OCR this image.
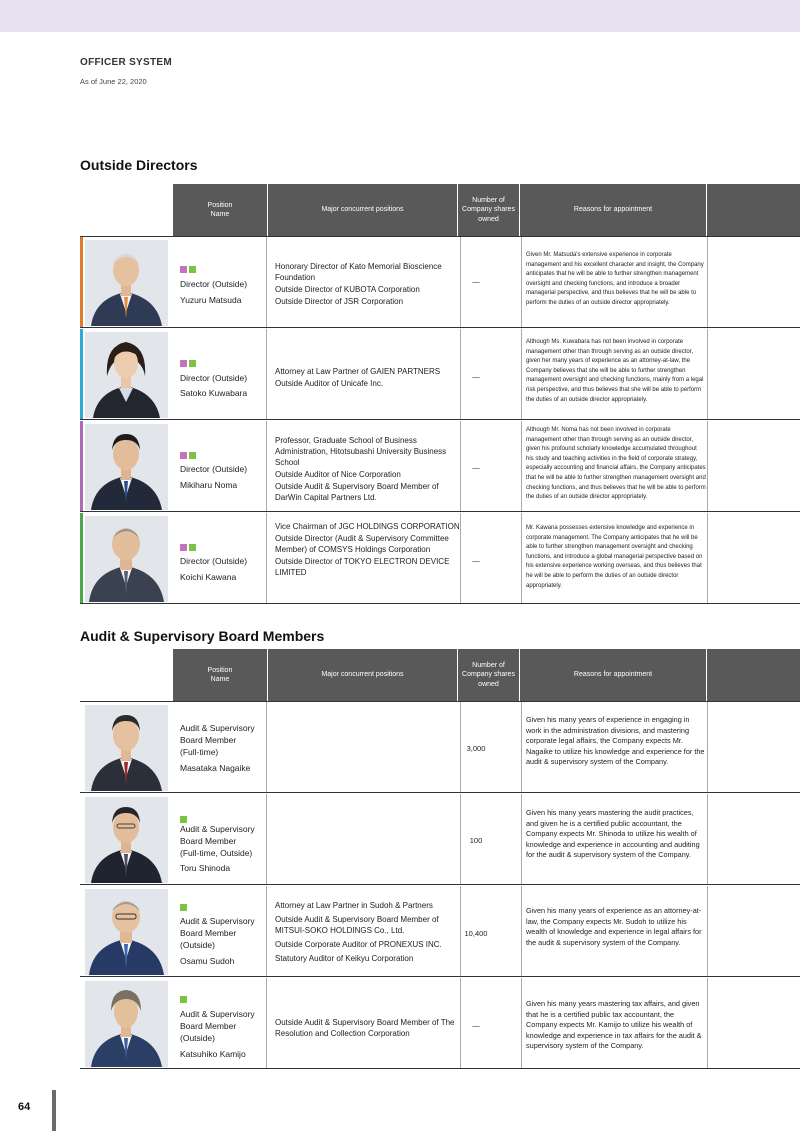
OFFICER SYSTEM
As of June 22, 2020
Outside Directors
Position
Name
Major concurrent positions
Number of Company shares owned
Reasons for appointment
Director (Outside)
Yuzuru Matsuda
Honorary Director of Kato Memorial Bioscience Foundation
Outside Director of KUBOTA Corporation
Outside Director of JSR Corporation
—
Given Mr. Matsuda's extensive experience in corporate management and his excellent character and insight, the Company anticipates that he will be able to further strengthen management oversight and checking functions, and introduce a broader managerial perspective, and thus believes that he will be able to perform the duties of an outside director appropriately.
Director (Outside)
Satoko Kuwabara
Attorney at Law Partner of GAIEN PARTNERS
Outside Auditor of Unicafe Inc.
—
Although Ms. Kuwabara has not been involved in corporate management other than through serving as an outside director, given her many years of experience as an attorney-at-law, the Company believes that she will be able to further strengthen management oversight and checking functions, mainly from a legal risk perspective, and thus believes that she will be able to perform the duties of an outside director appropriately.
Director (Outside)
Mikiharu Noma
Professor, Graduate School of Business Administration, Hitotsubashi University Business School
Outside Auditor of Nice Corporation
Outside Audit & Supervisory Board Member of DarWin Capital Partners Ltd.
—
Although Mr. Noma has not been involved in corporate management other than through serving as an outside director, given his profound scholarly knowledge accumulated throughout his study and teaching activities in the field of corporate strategy, especially accounting and financial affairs, the Company anticipates that he will be able to further strengthen management oversight and checking functions, and thus believes that he will be able to perform the duties of an outside director appropriately.
Director (Outside)
Koichi Kawana
Vice Chairman of JGC HOLDINGS CORPORATION
Outside Director (Audit & Supervisory Committee Member) of COMSYS Holdings Corporation
Outside Director of TOKYO ELECTRON DEVICE LIMITED
—
Mr. Kawana possesses extensive knowledge and experience in corporate management. The Company anticipates that he will be able to further strengthen management oversight and checking functions, and introduce a global managerial perspective based on his extensive experience working overseas, and thus believes that he will be able to perform the duties of an outside director appropriately.
Audit & Supervisory Board Members
Position
Name
Major concurrent positions
Number of Company shares owned
Reasons for appointment
Audit & Supervisory
Board Member
(Full-time)
Masataka Nagaike
3,000
Given his many years of experience in engaging in work in the administration divisions, and mastering corporate legal affairs, the Company expects Mr. Nagaike to utilize his knowledge and experience for the audit & supervisory system of the Company.
Audit & Supervisory
Board Member
(Full-time, Outside)
Toru Shinoda
100
Given his many years mastering the audit practices, and given he is a certified public accountant, the Company expects Mr. Shinoda to utilize his wealth of knowledge and experience in accounting and auditing for the audit & supervisory system of the Company.
Audit & Supervisory
Board Member
(Outside)
Osamu Sudoh
Attorney at Law Partner in Sudoh & Partners
Outside Audit & Supervisory Board Member of MITSUI-SOKO HOLDINGS Co., Ltd.
Outside Corporate Auditor of PRONEXUS INC.
Statutory Auditor of Keikyu Corporation
10,400
Given his many years of experience as an attorney-at-law, the Company expects Mr. Sudoh to utilize his wealth of knowledge and experience in legal affairs for the audit & supervisory system of the Company.
Audit & Supervisory
Board Member
(Outside)
Katsuhiko Kamijo
Outside Audit & Supervisory Board Member of The Resolution and Collection Corporation
—
Given his many years mastering tax affairs, and given that he is a certified public tax accountant, the Company expects Mr. Kamijo to utilize his wealth of knowledge and experience in tax affairs for the audit & supervisory system of the Company.
64
